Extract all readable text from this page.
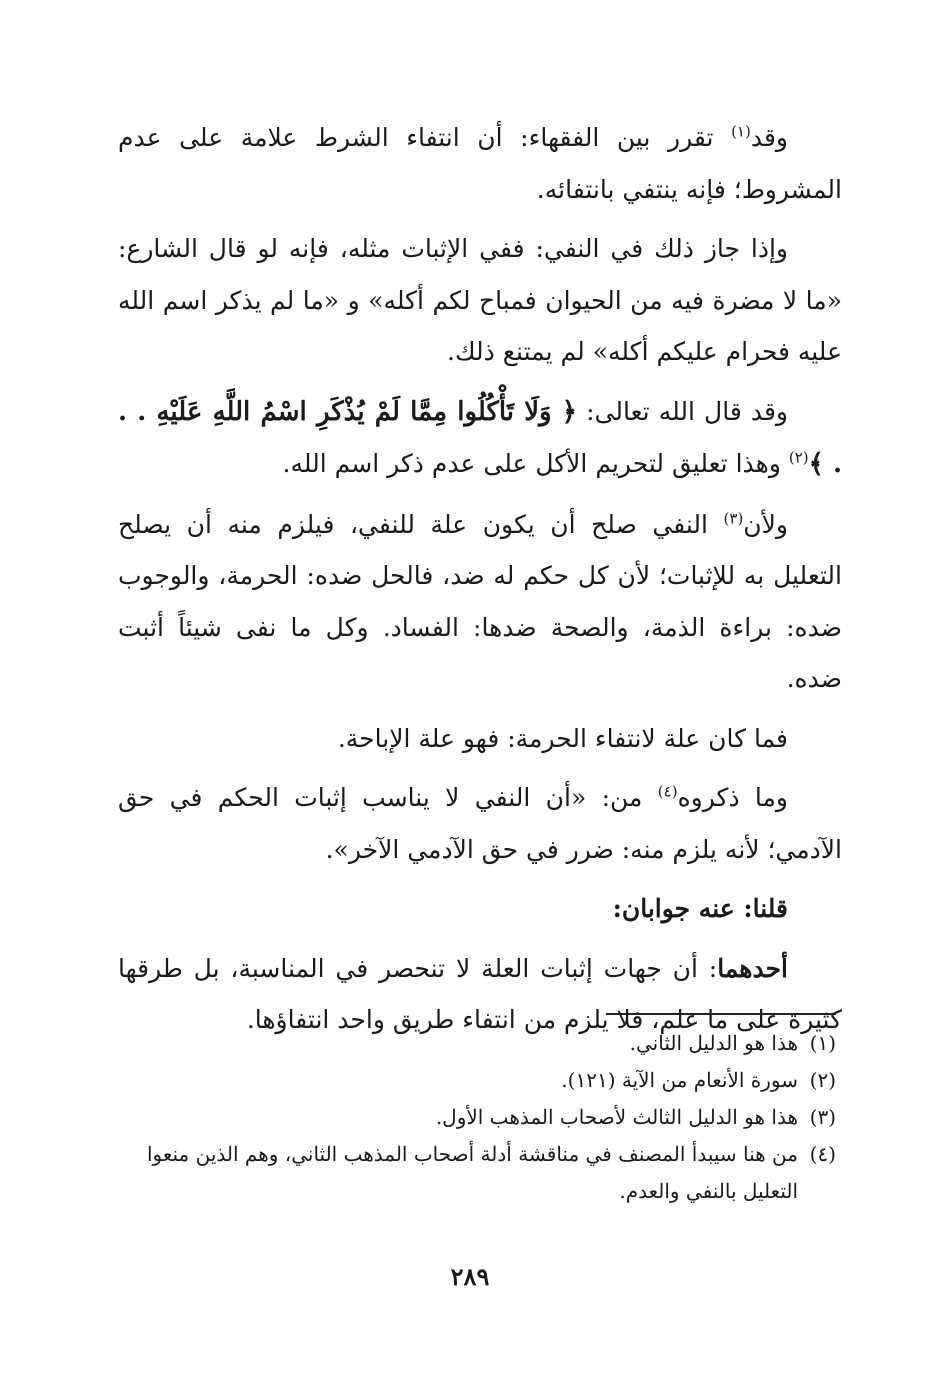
وقد$^{(١)}$ تقرر بين الفقهاء: أن انتفاء الشرط علامة على عدم المشروط؛ فإنه ينتفي بانتفائه.

وإذا جاز ذلك في النفي: ففي الإثبات مثله، فإنه لو قال الشارع: «ما لا مضرة فيه من الحيوان فمباح لكم أكله» و «ما لم يذكر اسم الله عليه فحرام عليكم أكله» لم يمتنع ذلك.

وقد قال الله تعالى: ﴿ وَلَا تَأْكُلُوا مِمَّا لَمْ يُذْكَرِ اسْمُ اللَّهِ عَلَيْهِ . . . ﴾$^{(٢)}$ وهذا تعليق لتحريم الأكل على عدم ذكر اسم الله.

ولأن$^{(٣)}$ النفي صلح أن يكون علة للنفي، فيلزم منه أن يصلح التعليل به للإثبات؛ لأن كل حكم له ضد، فالحل ضده: الحرمة، والوجوب ضده: براءة الذمة، والصحة ضدها: الفساد. وكل ما نفى شيئاً أثبت ضده.

فما كان علة لانتفاء الحرمة: فهو علة الإباحة.

وما ذكروه$^{(٤)}$ من: «أن النفي لا يناسب إثبات الحكم في حق الآدمي؛ لأنه يلزم منه: ضرر في حق الآدمي الآخر».

قلنا: عنه جوابان:

أحدهما: أن جهات إثبات العلة لا تنحصر في المناسبة، بل طرقها كثيرة على ما علم، فلا يلزم من انتفاء طريق واحد انتفاؤها.

(١)
هذا هو الدليل الثاني.

(٢)
سورة الأنعام من الآية (١٢١).

(٣)
هذا هو الدليل الثالث لأصحاب المذهب الأول.

(٤)
من هنا سيبدأ المصنف في مناقشة أدلة أصحاب المذهب الثاني، وهم الذين منعوا التعليل بالنفي والعدم.

٢٨٩
